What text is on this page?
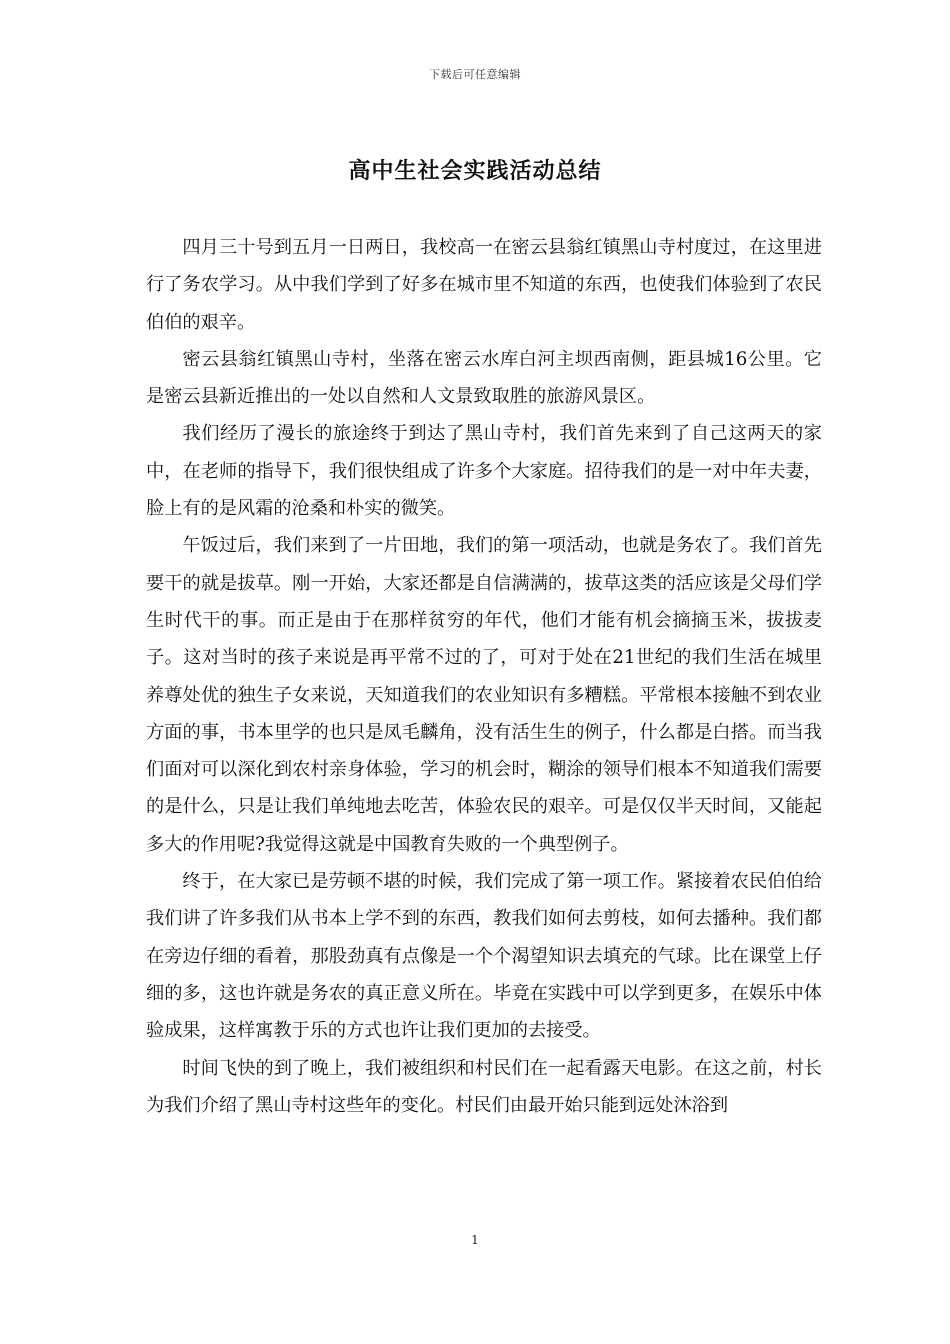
下载后可任意编辑
高中生社会实践活动总结

四月三十号到五月一日两日，我校高一在密云县翁红镇黑山寺村度过，在这里进行了务农学习。从中我们学到了好多在城市里不知道的东西，也使我们体验到了农民伯伯的艰辛。

密云县翁红镇黑山寺村，坐落在密云水库白河主坝西南侧，距县城16公里。它是密云县新近推出的一处以自然和人文景致取胜的旅游风景区。

我们经历了漫长的旅途终于到达了黑山寺村，我们首先来到了自己这两天的家中，在老师的指导下，我们很快组成了许多个大家庭。招待我们的是一对中年夫妻，脸上有的是风霜的沧桑和朴实的微笑。

午饭过后，我们来到了一片田地，我们的第一项活动，也就是务农了。我们首先要干的就是拔草。刚一开始，大家还都是自信满满的，拔草这类的活应该是父母们学生时代干的事。而正是由于在那样贫穷的年代，他们才能有机会摘摘玉米，拔拔麦子。这对当时的孩子来说是再平常不过的了，可对于处在21世纪的我们生活在城里养尊处优的独生子女来说，天知道我们的农业知识有多糟糕。平常根本接触不到农业方面的事，书本里学的也只是凤毛麟角，没有活生生的例子，什么都是白搭。而当我们面对可以深化到农村亲身体验，学习的机会时，糊涂的领导们根本不知道我们需要的是什么，只是让我们单纯地去吃苦，体验农民的艰辛。可是仅仅半天时间，又能起多大的作用呢?我觉得这就是中国教育失败的一个典型例子。

终于，在大家已是劳顿不堪的时候，我们完成了第一项工作。紧接着农民伯伯给我们讲了许多我们从书本上学不到的东西，教我们如何去剪枝，如何去播种。我们都在旁边仔细的看着，那股劲真有点像是一个个渴望知识去填充的气球。比在课堂上仔细的多，这也许就是务农的真正意义所在。毕竟在实践中可以学到更多，在娱乐中体验成果，这样寓教于乐的方式也许让我们更加的去接受。

时间飞快的到了晚上，我们被组织和村民们在一起看露天电影。在这之前，村长为我们介绍了黑山寺村这些年的变化。村民们由最开始只能到远处沐浴到

1
